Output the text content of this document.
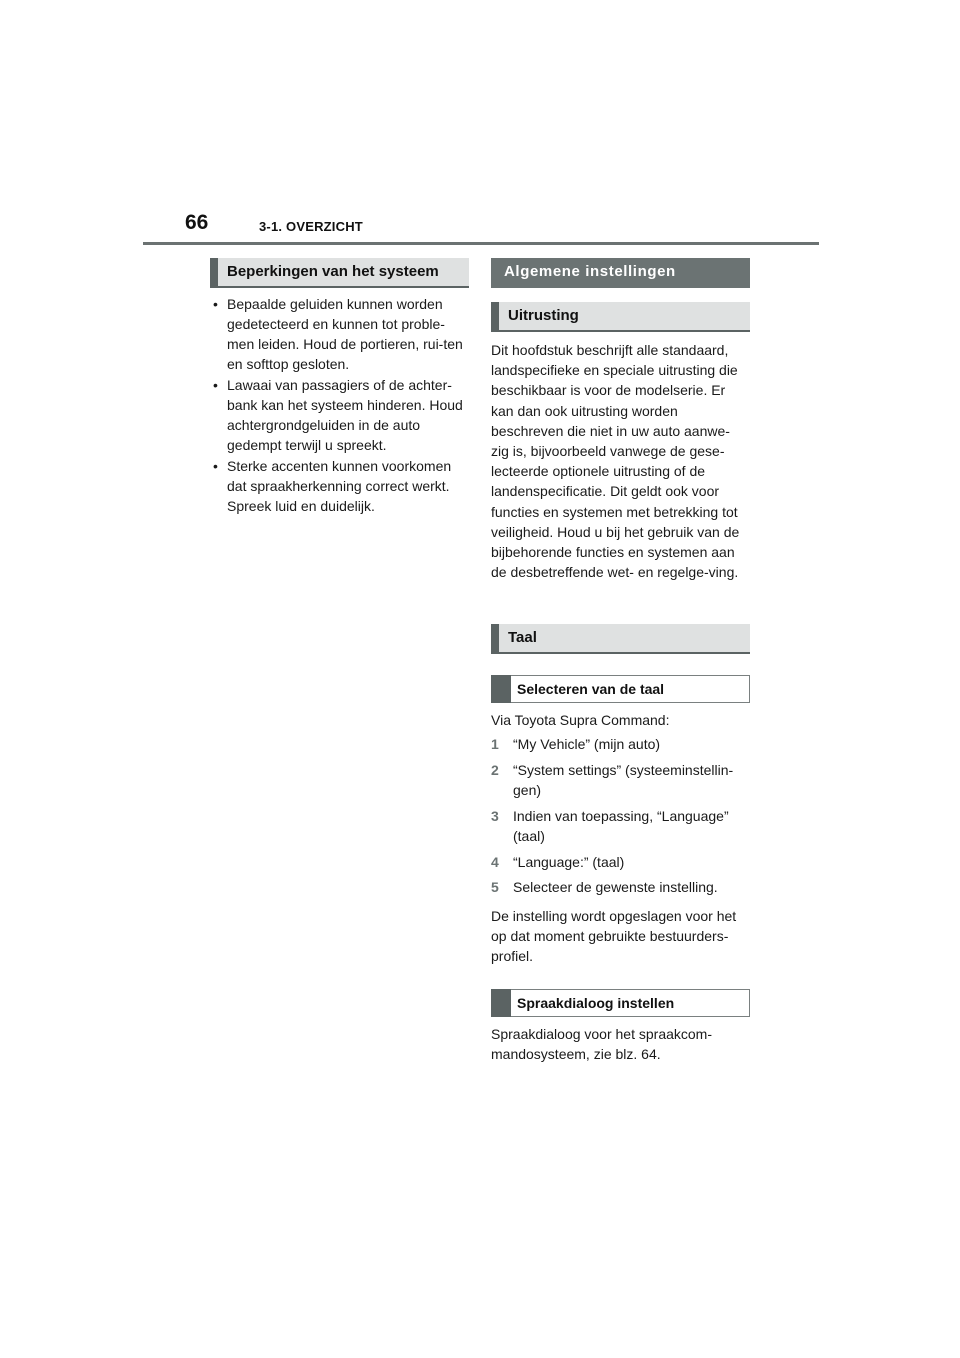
66	3-1. OVERZICHT
Beperkingen van het systeem
• Bepaalde geluiden kunnen worden gedetecteerd en kunnen tot proble-men leiden. Houd de portieren, rui-ten en softtop gesloten.
• Lawaai van passagiers of de achter-bank kan het systeem hinderen. Houd achtergrondgeluiden in de auto gedempt terwijl u spreekt.
• Sterke accenten kunnen voorkomen dat spraakherkenning correct werkt. Spreek luid en duidelijk.
Algemene instellingen
Uitrusting

Dit hoofdstuk beschrijft alle standaard, landspecifieke en speciale uitrusting die beschikbaar is voor de modelserie. Er kan dan ook uitrusting worden beschreven die niet in uw auto aanwe-zig is, bijvoorbeeld vanwege de gese-lecteerde optionele uitrusting of de landenspecificatie. Dit geldt ook voor functies en systemen met betrekking tot veiligheid. Houd u bij het gebruik van de bijbehorende functies en systemen aan de desbetreffende wet- en regelge-ving.

Taal
Selecteren van de taal

Via Toyota Supra Command:

1 “My Vehicle” (mijn auto)
2 “System settings” (systeeminstellin-gen)
3 Indien van toepassing, “Language” (taal)
4 “Language:” (taal)
5 Selecteer de gewenste instelling.

De instelling wordt opgeslagen voor het op dat moment gebruikte bestuurders-profiel.

Spraakdialoog instellen

Spraakdialoog voor het spraakcom-mandosysteem, zie blz. 64.
